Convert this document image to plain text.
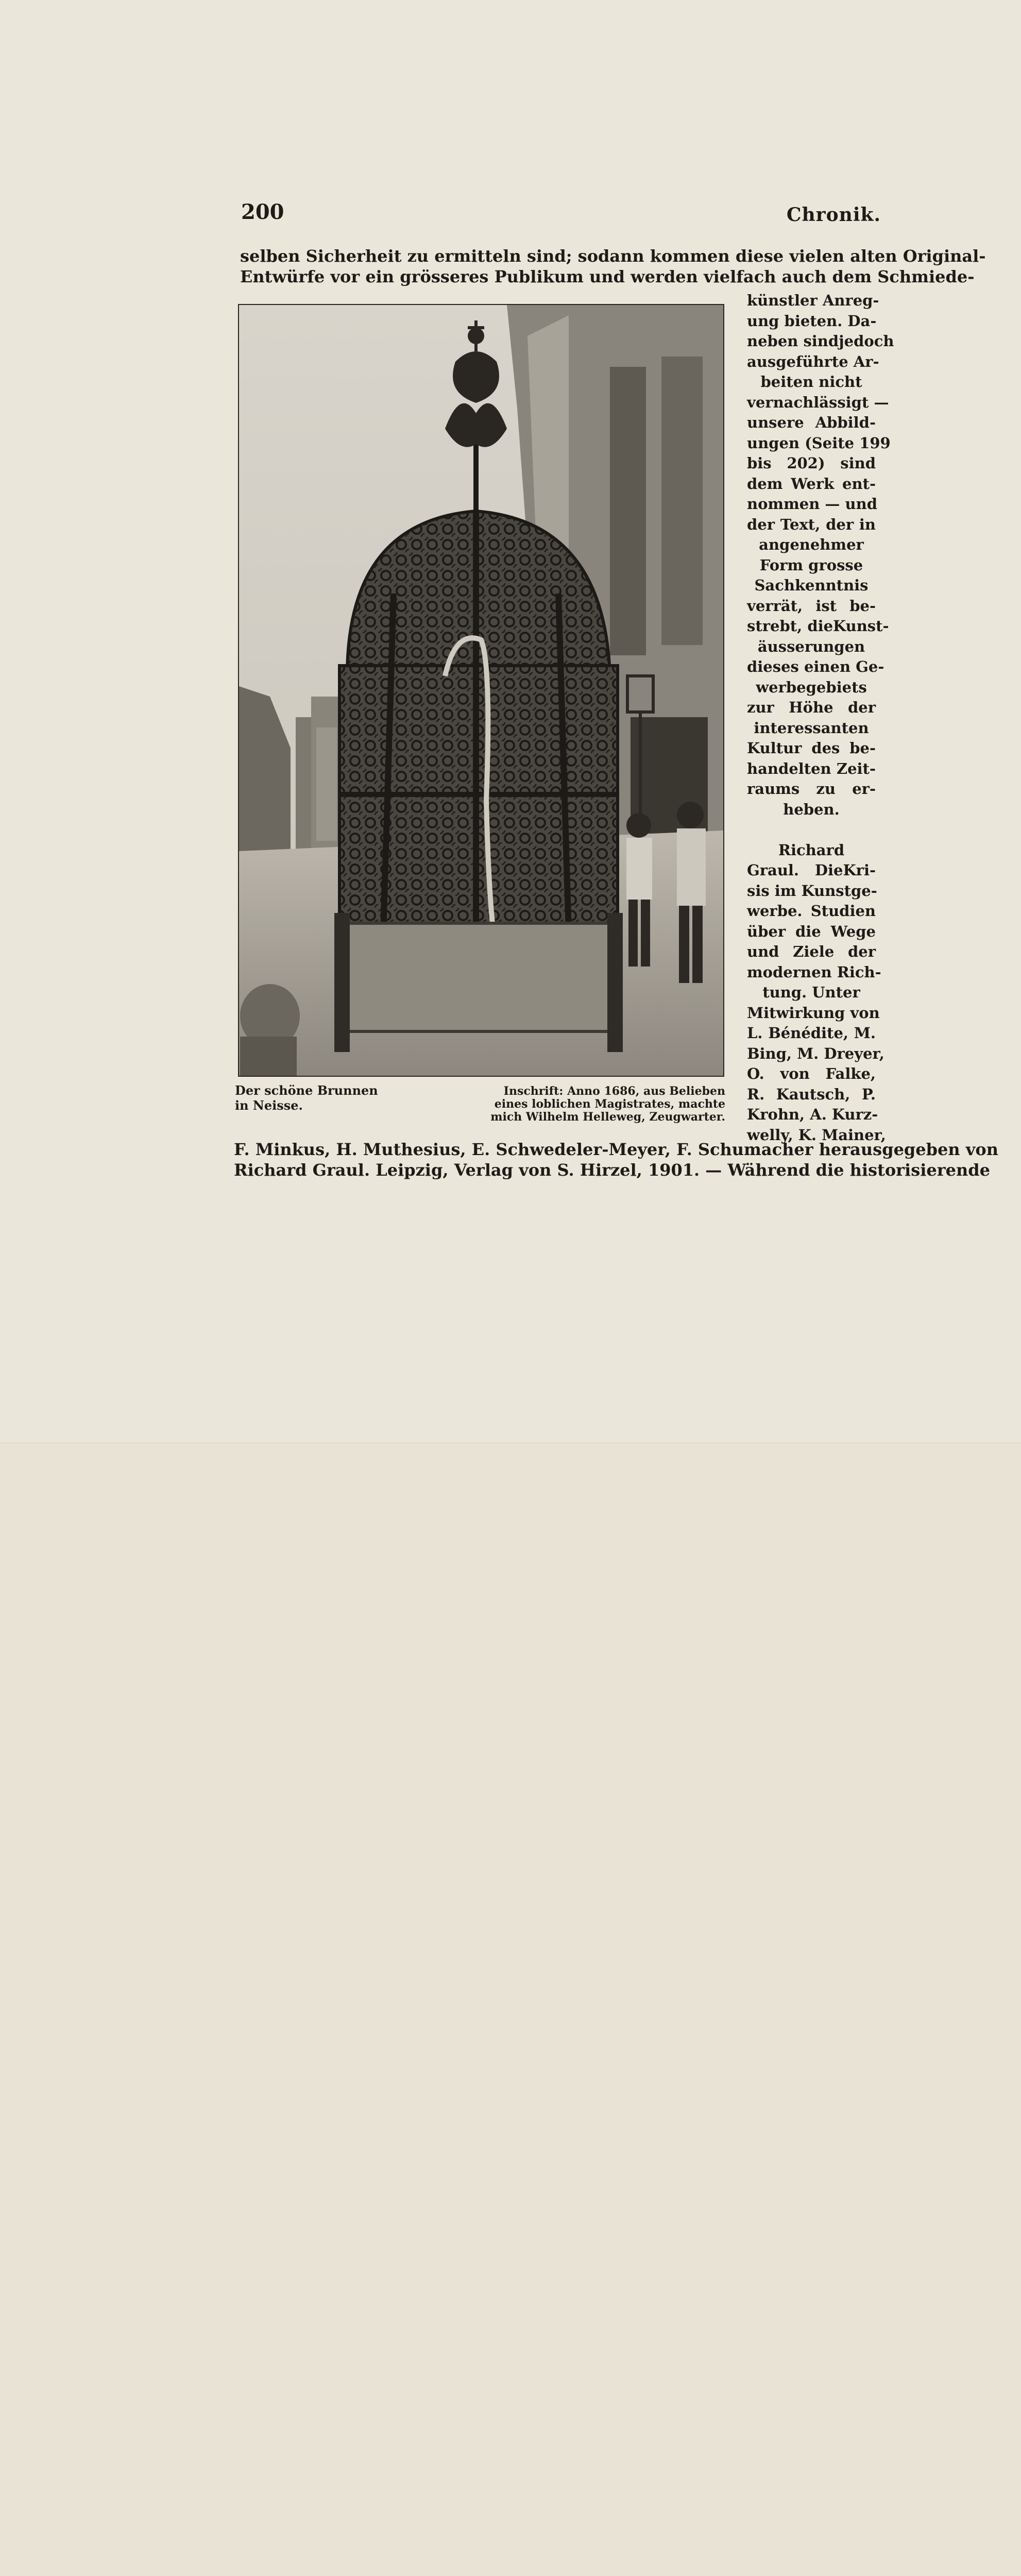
200	Chronik.
selben Sicherheit zu ermitteln sind; sodann kommen diese vielen alten Original-
Entwürfe vor ein grösseres Publikum und werden vielfach auch dem Schmiede-
Der schöne Brunnen
in Neisse.
Inschrift: Anno 1686, aus Belieben
eines loblichen Magistrates, machte
mich Wilhelm Helleweg, Zeugwarter.
künstler Anreg-
ung bieten. Da-
neben sindjedoch
ausgeführte Ar-
beiten nicht
vernachlässigt —
unsere Abbild-
ungen (Seite 199
bis 202) sind
dem Werk ent-
nommen — und
der Text, der in
angenehmer
Form grosse
Sachkenntnis
verrät, ist be-
strebt, dieKunst-
äusserungen
dieses einen Ge-
werbegebiets
zur Höhe der
interessanten
Kultur des be-
handelten Zeit-
raums zu er-
heben.
Richard
Graul. DieKri-
sis im Kunstge-
werbe. Studien
über die Wege
und Ziele der
modernen Rich-
tung. Unter
Mitwirkung von
L. Bénédite, M.
Bing, M. Dreyer,
O. von Falke,
R. Kautsch, P.
Krohn, A. Kurz-
welly, K. Mainer,
F. Minkus, H. Muthesius, E. Schwedeler-Meyer, F. Schumacher herausgegeben von
Richard Graul. Leipzig, Verlag von S. Hirzel, 1901. — Während die historisierende
